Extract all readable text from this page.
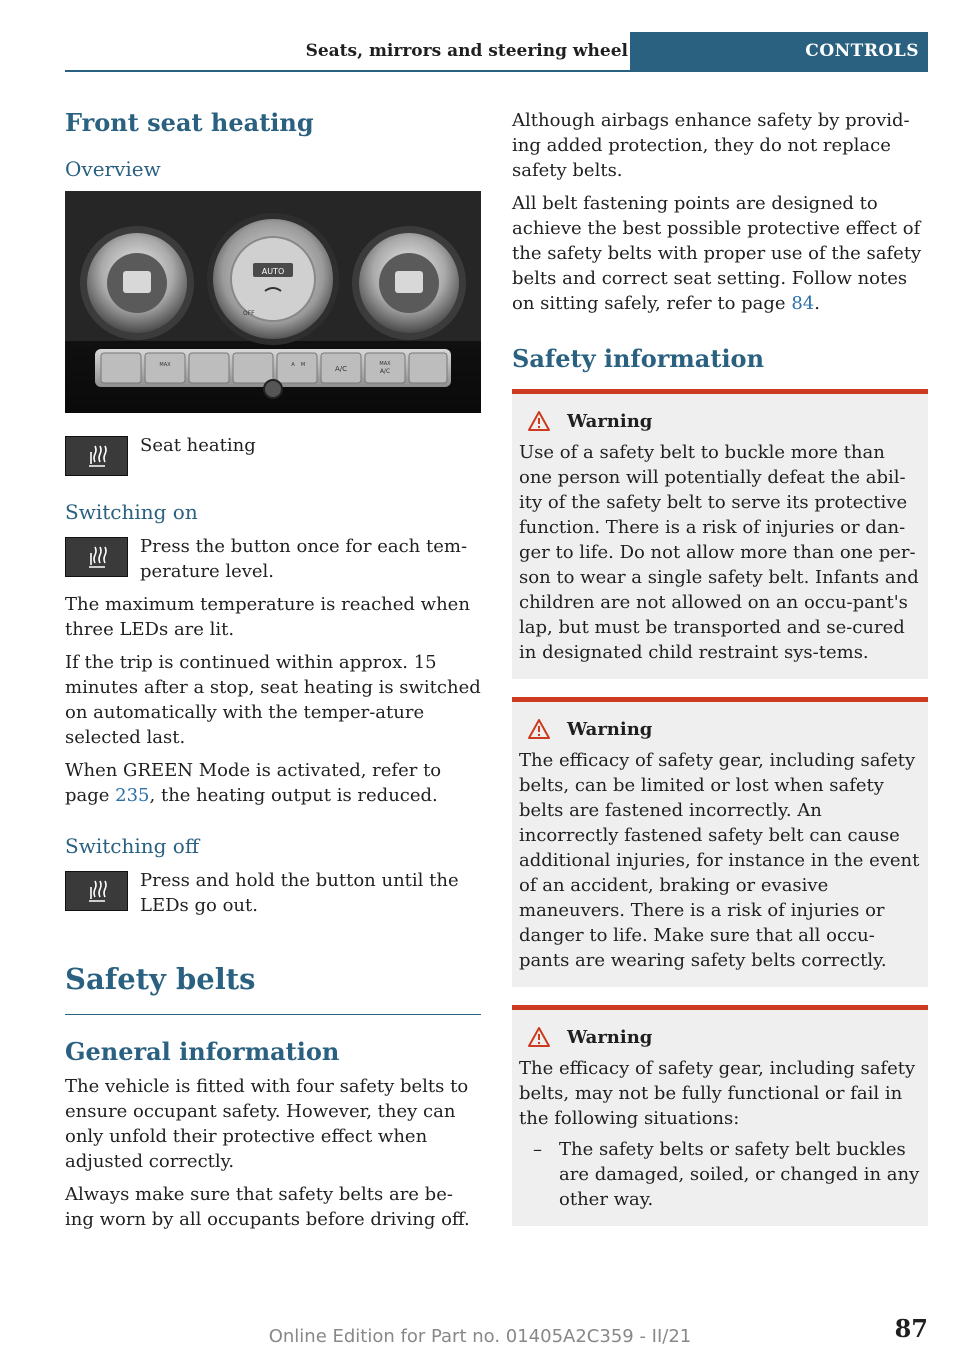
Seats, mirrors and steering wheel	CONTROLS
Front seat heating
Overview
AUTO
OFF
MAX	A M	A/C
MAX
A/C

Seat heating

Switching on

Press the button once for each tem-perature level.

The maximum temperature is reached when three LEDs are lit.

If the trip is continued within approx. 15 minutes after a stop, seat heating is switched on automatically with the temper-ature selected last.

When GREEN Mode is activated, refer to page 235, the heating output is reduced.

Switching off

Press and hold the button until the LEDs go out.

Safety belts
General information

The vehicle is fitted with four safety belts to ensure occupant safety. However, they can only unfold their protective effect when adjusted correctly.

Always make sure that safety belts are be-ing worn by all occupants before driving off.

Although airbags enhance safety by provid-ing added protection, they do not replace safety belts.

All belt fastening points are designed to achieve the best possible protective effect of the safety belts with proper use of the safety belts and correct seat setting. Follow notes on sitting safely, refer to page 84.

Safety information
Warning

Use of a safety belt to buckle more than one person will potentially defeat the abil-ity of the safety belt to serve its protective function. There is a risk of injuries or dan-ger to life. Do not allow more than one per-son to wear a single safety belt. Infants and children are not allowed on an occu-pant's lap, but must be transported and se-cured in designated child restraint sys-tems.

Warning

The efficacy of safety gear, including safety belts, can be limited or lost when safety belts are fastened incorrectly. An incorrectly fastened safety belt can cause additional injuries, for instance in the event of an accident, braking or evasive maneuvers. There is a risk of injuries or danger to life. Make sure that all occu-pants are wearing safety belts correctly.

Warning

The efficacy of safety gear, including safety belts, may not be fully functional or fail in the following situations:

– The safety belts or safety belt buckles are damaged, soiled, or changed in any other way.
Online Edition for Part no. 01405A2C359 - II/21	87
